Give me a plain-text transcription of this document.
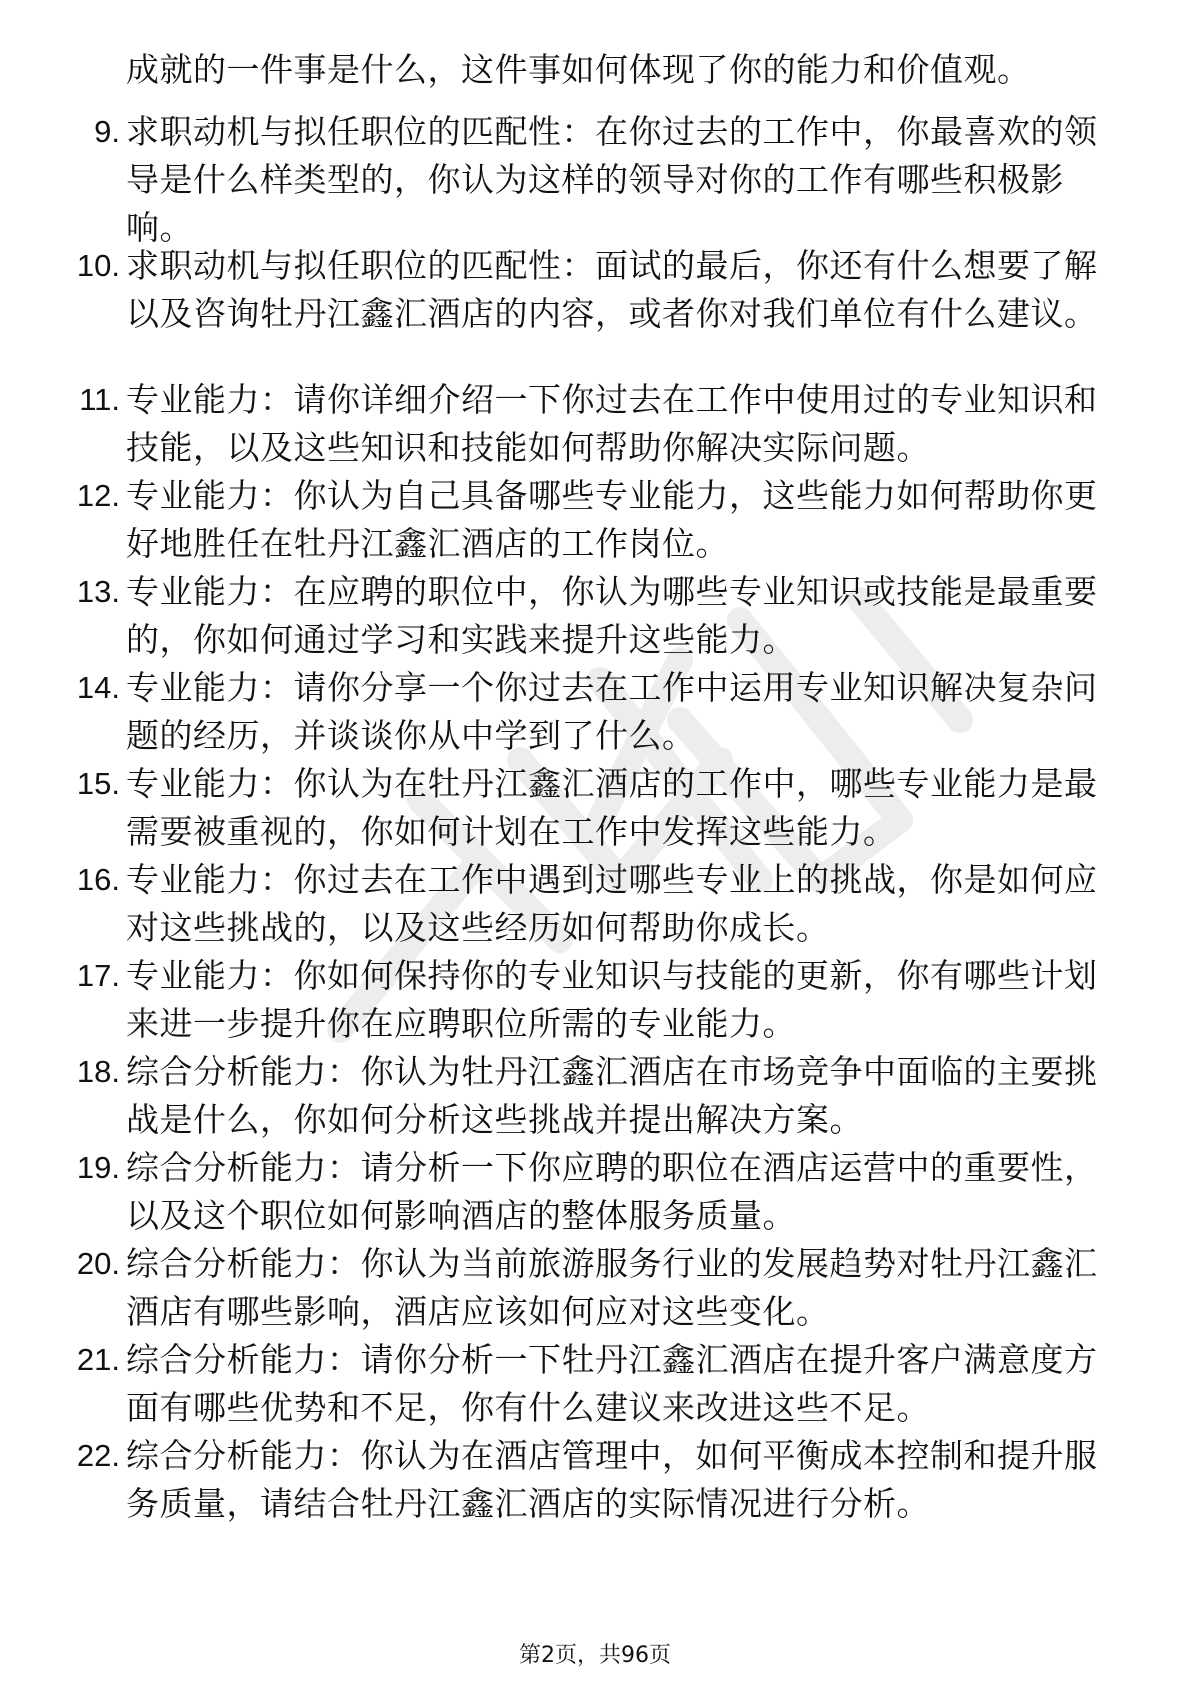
成就的一件事是什么，这件事如何体现了你的能力和价值观。
9. 求职动机与拟任职位的匹配性：在你过去的工作中，你最喜欢的领导是什么样类型的，你认为这样的领导对你的工作有哪些积极影响。
10. 求职动机与拟任职位的匹配性：面试的最后，你还有什么想要了解以及咨询牡丹江鑫汇酒店的内容，或者你对我们单位有什么建议。
11. 专业能力：请你详细介绍一下你过去在工作中使用过的专业知识和技能，以及这些知识和技能如何帮助你解决实际问题。
12. 专业能力：你认为自己具备哪些专业能力，这些能力如何帮助你更好地胜任在牡丹江鑫汇酒店的工作岗位。
13. 专业能力：在应聘的职位中，你认为哪些专业知识或技能是最重要的，你如何通过学习和实践来提升这些能力。
14. 专业能力：请你分享一个你过去在工作中运用专业知识解决复杂问题的经历，并谈谈你从中学到了什么。
15. 专业能力：你认为在牡丹江鑫汇酒店的工作中，哪些专业能力是最需要被重视的，你如何计划在工作中发挥这些能力。
16. 专业能力：你过去在工作中遇到过哪些专业上的挑战，你是如何应对这些挑战的，以及这些经历如何帮助你成长。
17. 专业能力：你如何保持你的专业知识与技能的更新，你有哪些计划来进一步提升你在应聘职位所需的专业能力。
18. 综合分析能力：你认为牡丹江鑫汇酒店在市场竞争中面临的主要挑战是什么，你如何分析这些挑战并提出解决方案。
19. 综合分析能力：请分析一下你应聘的职位在酒店运营中的重要性，以及这个职位如何影响酒店的整体服务质量。
20. 综合分析能力：你认为当前旅游服务行业的发展趋势对牡丹江鑫汇酒店有哪些影响，酒店应该如何应对这些变化。
21. 综合分析能力：请你分析一下牡丹江鑫汇酒店在提升客户满意度方面有哪些优势和不足，你有什么建议来改进这些不足。
22. 综合分析能力：你认为在酒店管理中，如何平衡成本控制和提升服务质量，请结合牡丹江鑫汇酒店的实际情况进行分析。
第2页，共96页
